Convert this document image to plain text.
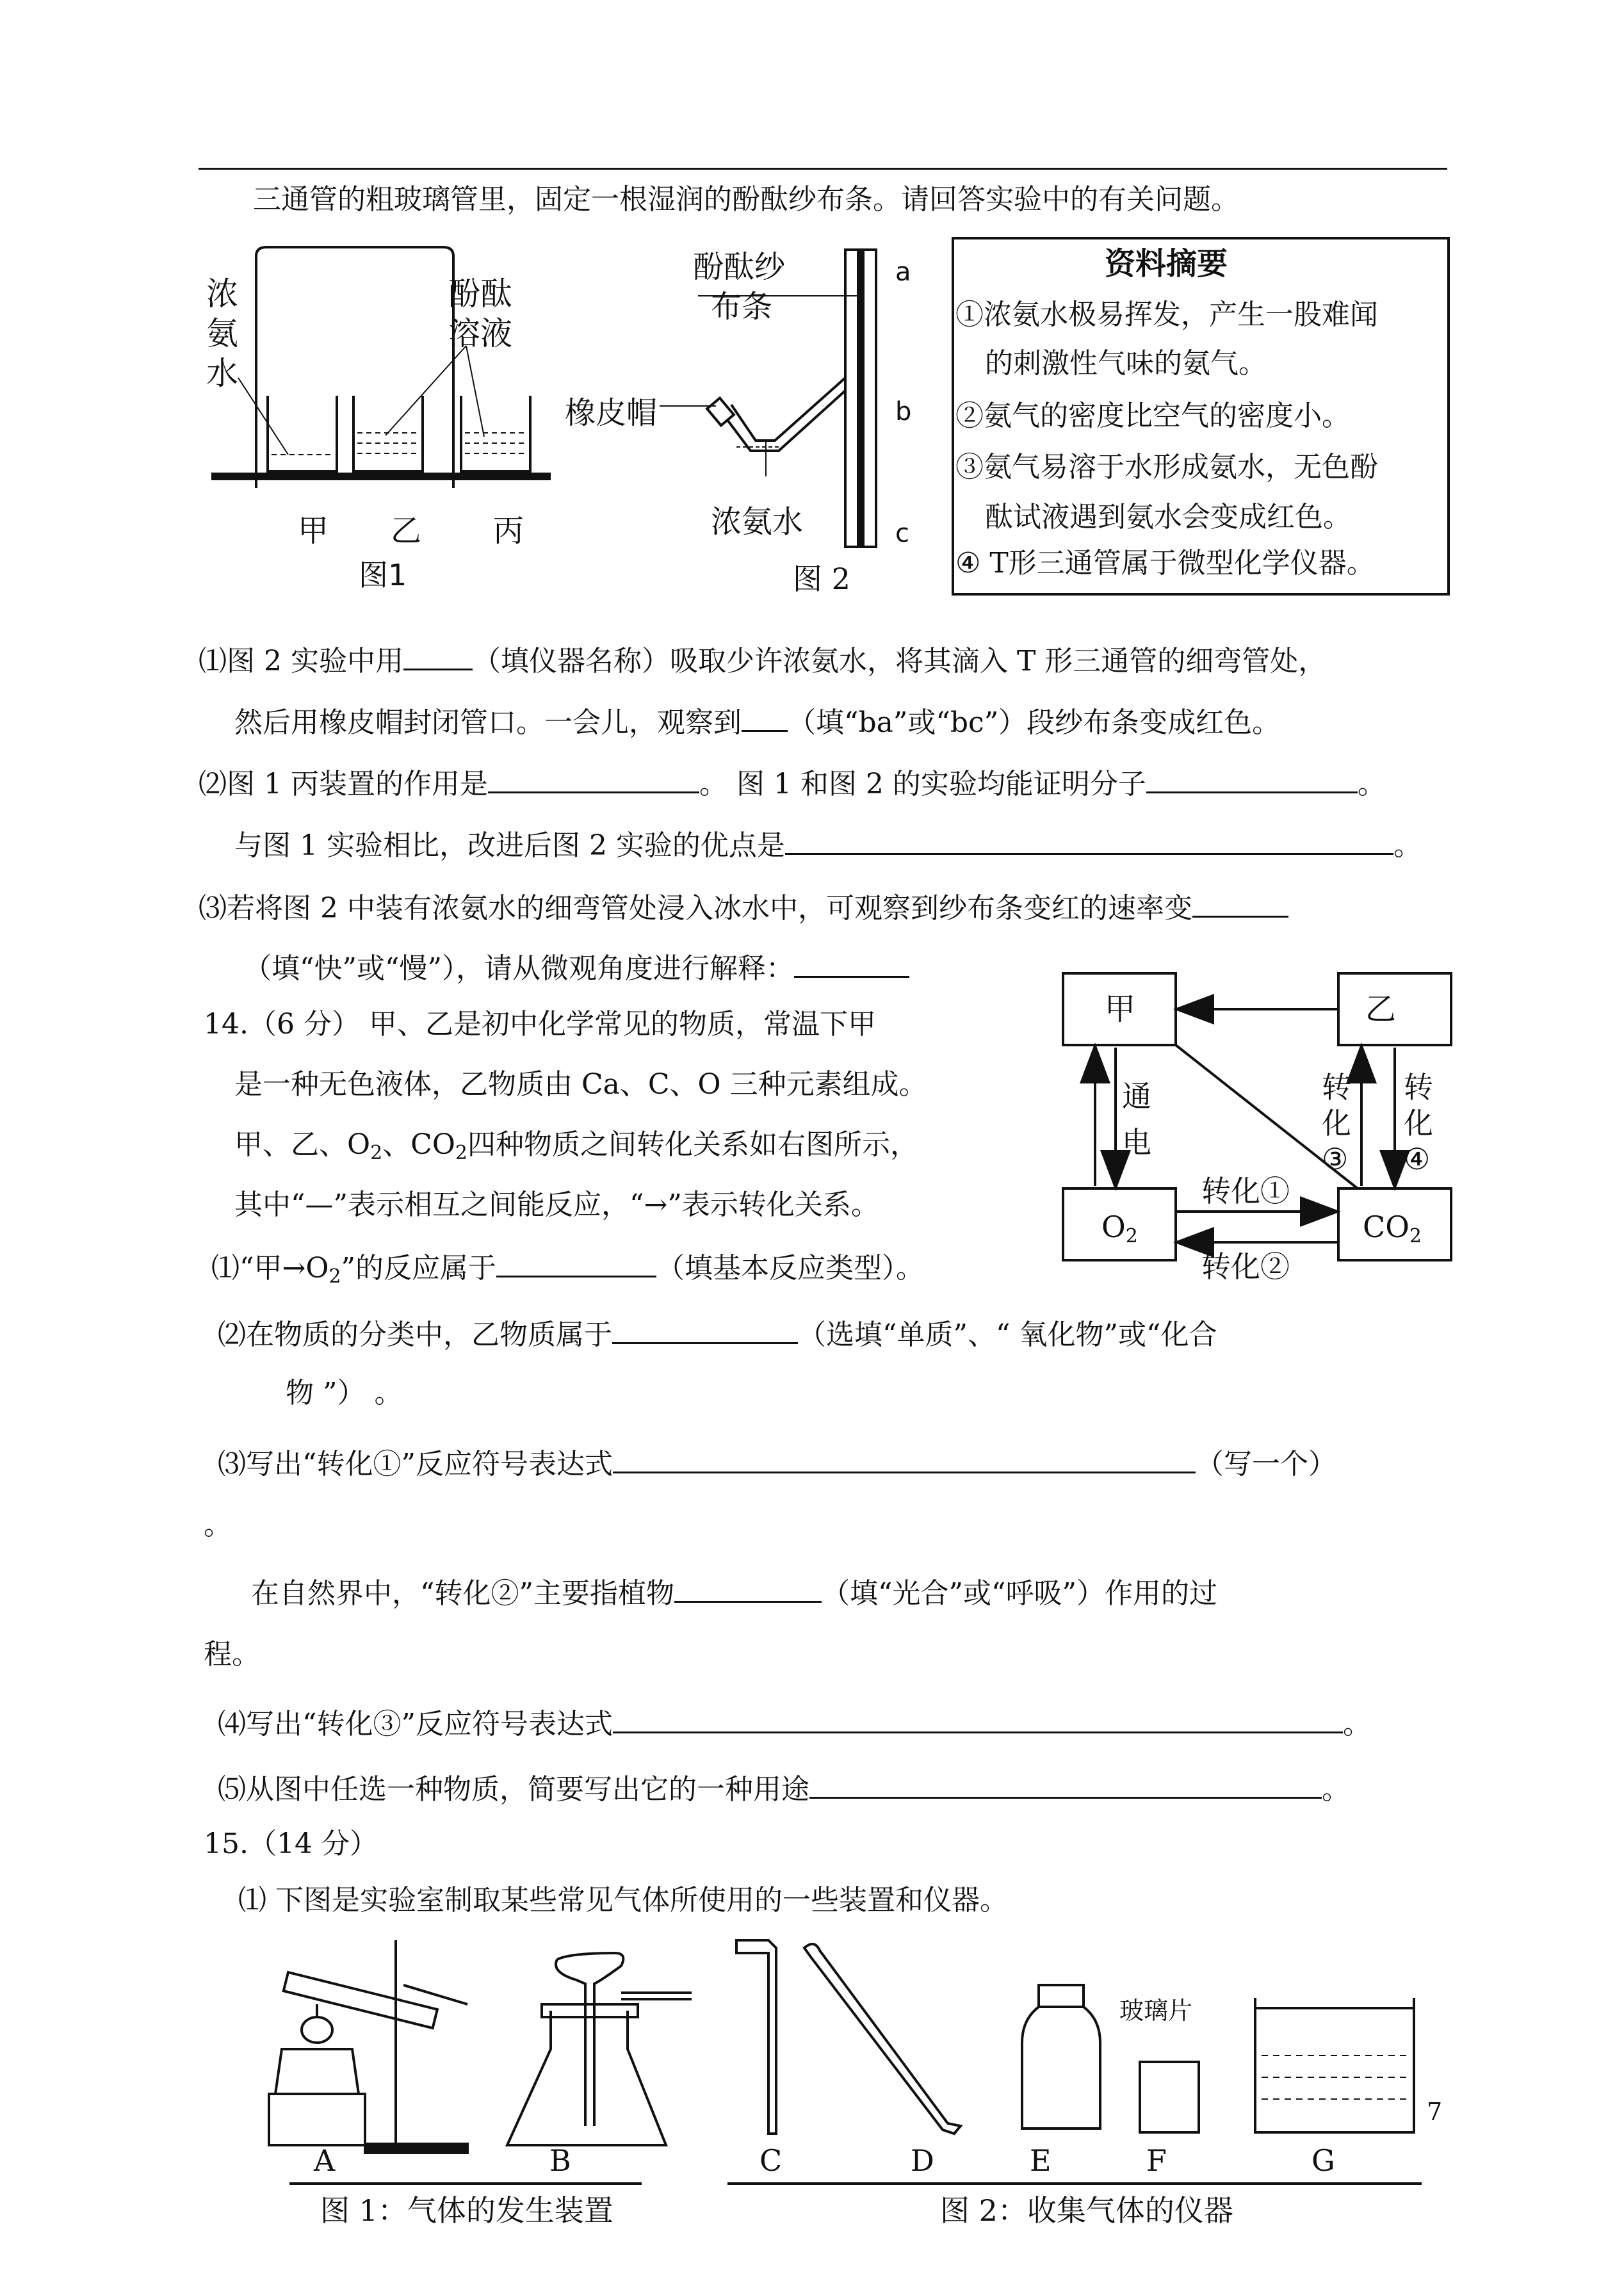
三通管的粗玻璃管里，固定一根湿润的酚酞纱布条。请回答实验中的有关问题。
浓氨水
酚酞溶液
甲 乙 丙
图1
酚酞纱
布条
橡皮帽
浓氨水
a
b
c
图 2
资料摘要
①浓氨水极易挥发，产生一股难闻
的刺激性气味的氨气。
②氨气的密度比空气的密度小。
③氨气易溶于水形成氨水，无色酚
酞试液遇到氨水会变成红色。
④ T形三通管属于微型化学仪器。
⑴图 2 实验中用 （填仪器名称）吸取少许浓氨水，将其滴入 T 形三通管的细弯管处，
然后用橡皮帽封闭管口。一会儿，观察到 （填“ba”或“bc”）段纱布条变成红色。
⑵图 1 丙装置的作用是	。 图 1 和图 2 的实验均能证明分子	。
与图 1 实验相比，改进后图 2 实验的优点是	。
⑶若将图 2 中装有浓氨水的细弯管处浸入冰水中，可观察到纱布条变红的速率变
（填“快”或“慢”），请从微观角度进行解释：
14.（6 分） 甲、乙是初中化学常见的物质，常温下甲
是一种无色液体，乙物质由 Ca、C、O 三种元素组成。
甲、乙、$O_2$、$CO_2$四种物质之间转化关系如右图所示，
其中“—”表示相互之间能反应，“→”表示转化关系。
⑴“甲$\to O_2$”的反应属于	（填基本反应类型）。
⑵在物质的分类中，乙物质属于	（选填“单质”、“ 氧化物”或“化合
物 ”） 。
⑶写出“转化①”反应符号表达式	（写一个）
。
在自然界中，“转化②”主要指植物	（填“光合”或“呼吸”）作用的过
程。
⑷写出“转化③”反应符号表达式	。
⑸从图中任选一种物质，简要写出它的一种用途	。
甲	乙
$O_2$	$CO_2$
通
电
转
化
③
转
化
④
转化①
转化②
15.（14 分）
⑴ 下图是实验室制取某些常见气体所使用的一些装置和仪器。
玻璃片
A	B	C	D	E	F	G
图 1：气体的发生装置	图 2：收集气体的仪器
7
